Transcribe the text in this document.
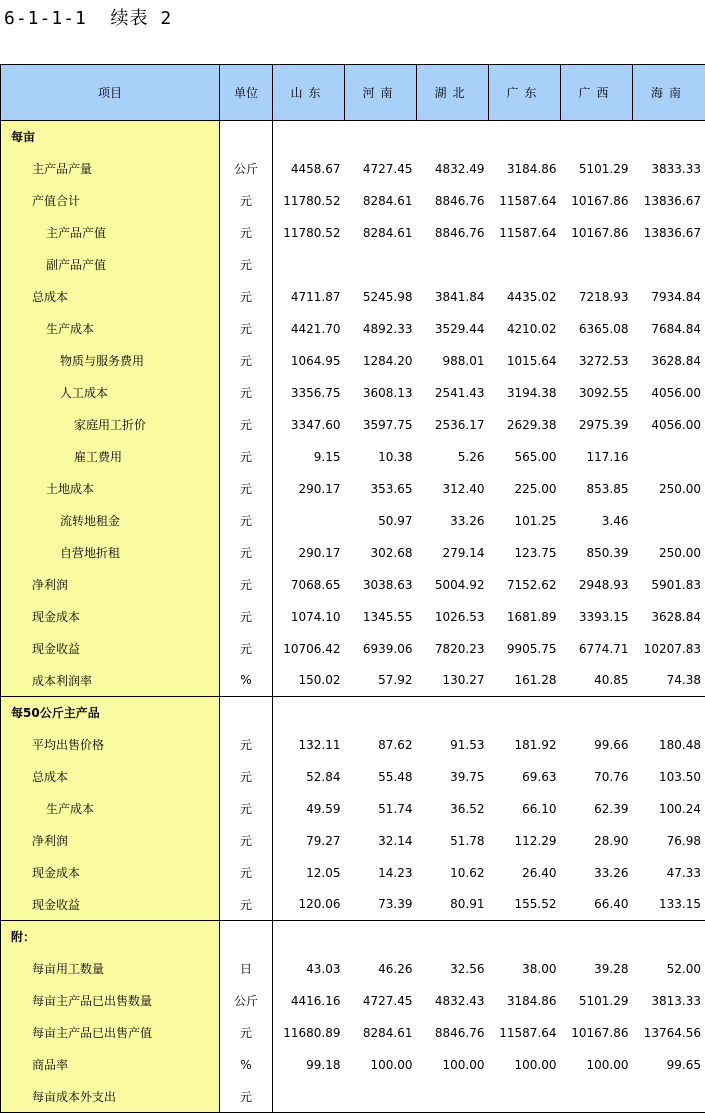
6-1-1-1  续表 2
项目	单位	山东	河南	湖北	广东	广西	海南
每亩							
主产品产量	公斤	4458.67	4727.45	4832.49	3184.86	5101.29	3833.33
产值合计	元	11780.52	8284.61	8846.76	11587.64	10167.86	13836.67
主产品产值	元	11780.52	8284.61	8846.76	11587.64	10167.86	13836.67
副产品产值	元						
总成本	元	4711.87	5245.98	3841.84	4435.02	7218.93	7934.84
生产成本	元	4421.70	4892.33	3529.44	4210.02	6365.08	7684.84
物质与服务费用	元	1064.95	1284.20	988.01	1015.64	3272.53	3628.84
人工成本	元	3356.75	3608.13	2541.43	3194.38	3092.55	4056.00
家庭用工折价	元	3347.60	3597.75	2536.17	2629.38	2975.39	4056.00
雇工费用	元	9.15	10.38	5.26	565.00	117.16	
土地成本	元	290.17	353.65	312.40	225.00	853.85	250.00
流转地租金	元		50.97	33.26	101.25	3.46	
自营地折租	元	290.17	302.68	279.14	123.75	850.39	250.00
净利润	元	7068.65	3038.63	5004.92	7152.62	2948.93	5901.83
现金成本	元	1074.10	1345.55	1026.53	1681.89	3393.15	3628.84
现金收益	元	10706.42	6939.06	7820.23	9905.75	6774.71	10207.83
成本利润率	%	150.02	57.92	130.27	161.28	40.85	74.38
每50公斤主产品							
平均出售价格	元	132.11	87.62	91.53	181.92	99.66	180.48
总成本	元	52.84	55.48	39.75	69.63	70.76	103.50
生产成本	元	49.59	51.74	36.52	66.10	62.39	100.24
净利润	元	79.27	32.14	51.78	112.29	28.90	76.98
现金成本	元	12.05	14.23	10.62	26.40	33.26	47.33
现金收益	元	120.06	73.39	80.91	155.52	66.40	133.15
附：							
每亩用工数量	日	43.03	46.26	32.56	38.00	39.28	52.00
每亩主产品已出售数量	公斤	4416.16	4727.45	4832.43	3184.86	5101.29	3813.33
每亩主产品已出售产值	元	11680.89	8284.61	8846.76	11587.64	10167.86	13764.56
商品率	%	99.18	100.00	100.00	100.00	100.00	99.65
每亩成本外支出	元						
